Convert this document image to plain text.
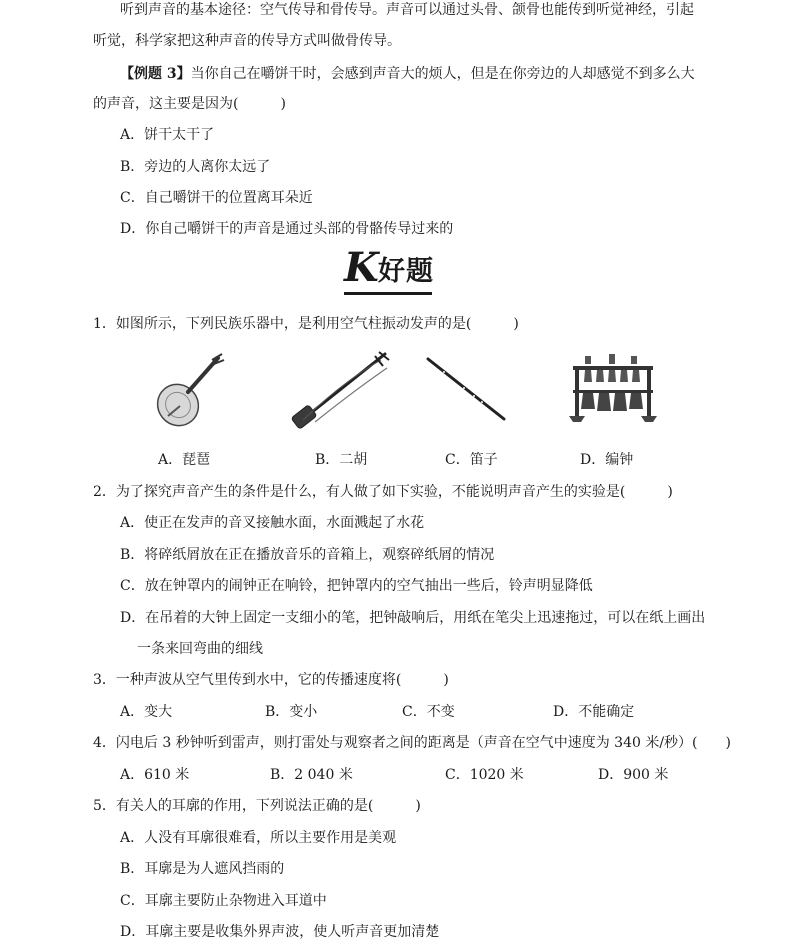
听到声音的基本途径：空气传导和骨传导。声音可以通过头骨、颌骨也能传到听觉神经，引起
听觉，科学家把这种声音的传导方式叫做骨传导。
【例题 3】当你自己在嚼饼干时，会感到声音大的烦人，但是在你旁边的人却感觉不到多么大
的声音，这主要是因为(　　　)
A．饼干太干了
B．旁边的人离你太远了
C．自己嚼饼干的位置离耳朵近
D．你自己嚼饼干的声音是通过头部的骨骼传导过来的
K 好题
1．如图所示，下列民族乐器中，是利用空气柱振动发声的是(　　　)
A．琵琶	B．二胡	C．笛子	D．编钟
2．为了探究声音产生的条件是什么，有人做了如下实验，不能说明声音产生的实验是(　　　)
A．使正在发声的音叉接触水面，水面溅起了水花
B．将碎纸屑放在正在播放音乐的音箱上，观察碎纸屑的情况
C．放在钟罩内的闹钟正在响铃，把钟罩内的空气抽出一些后，铃声明显降低
D．在吊着的大钟上固定一支细小的笔，把钟敲响后，用纸在笔尖上迅速拖过，可以在纸上画出
一条来回弯曲的细线
3．一种声波从空气里传到水中，它的传播速度将(　　　)
A．变大	B．变小	C．不变	D．不能确定
4．闪电后 3 秒钟听到雷声，则打雷处与观察者之间的距离是（声音在空气中速度为 340 米/秒）(　　)
A．610 米	B．2 040 米	C．1020 米	D．900 米
5．有关人的耳廓的作用，下列说法正确的是(　　　)
A．人没有耳廓很难看，所以主要作用是美观
B．耳廓是为人遮风挡雨的
C．耳廓主要防止杂物进入耳道中
D．耳廓主要是收集外界声波，使人听声音更加清楚
